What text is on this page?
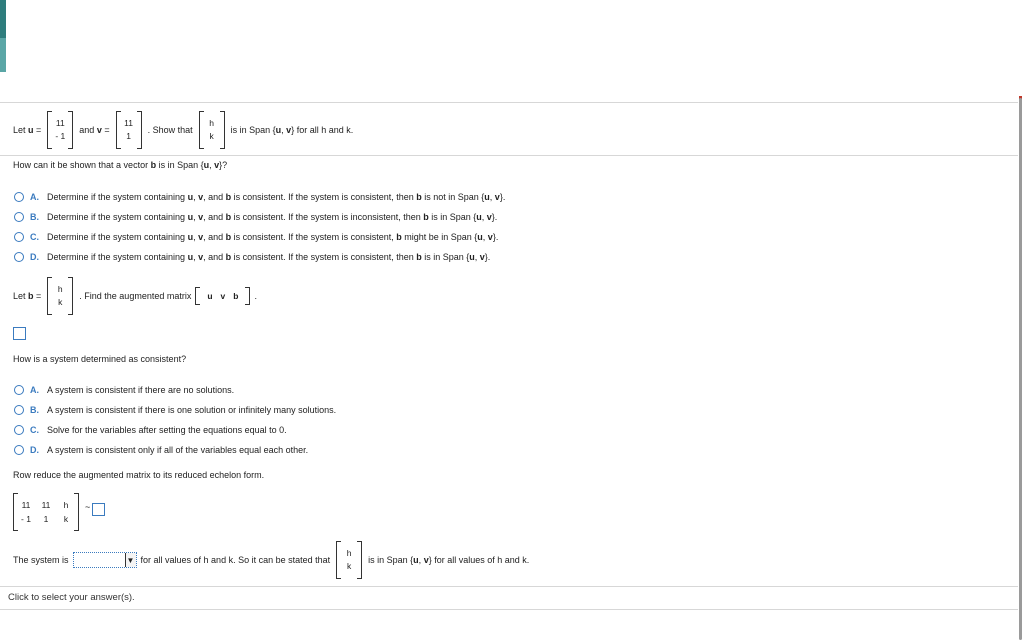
Let u =
11
- 1
and v =
11
1
. Show that
h
k
is in Span {u, v} for all h and k.
How can it be shown that a vector b is in Span {u, v}?
A. Determine if the system containing u, v, and b is consistent. If the system is consistent, then b is not in Span {u, v}.
B. Determine if the system containing u, v, and b is consistent. If the system is inconsistent, then b is in Span {u, v}.
C. Determine if the system containing u, v, and b is consistent. If the system is consistent, b might be in Span {u, v}.
D. Determine if the system containing u, v, and b is consistent. If the system is consistent, then b is in Span {u, v}.
Let b =
h
k
. Find the augmented matrix u v b .
How is a system determined as consistent?
A. A system is consistent if there are no solutions.
B. A system is consistent if there is one solution or infinitely many solutions.
C. Solve for the variables after setting the equations equal to 0.
D. A system is consistent only if all of the variables equal each other.
Row reduce the augmented matrix to its reduced echelon form.
11 11	h
- 1	1	k
~
The system is	▼ for all values of h and k. So it can be stated that
h
k
is in Span {u, v} for all values of h and k.
Click to select your answer(s).
